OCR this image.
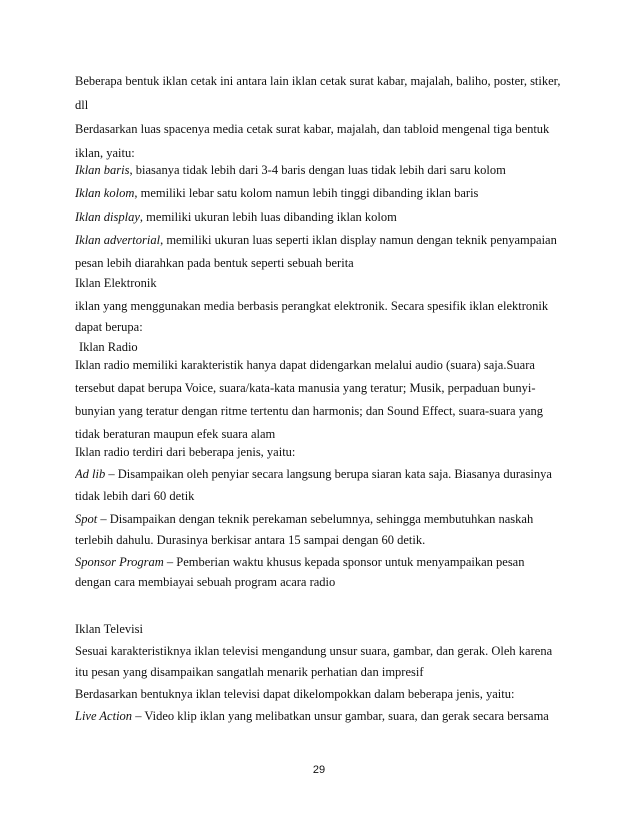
Beberapa bentuk iklan cetak ini antara lain iklan cetak surat kabar, majalah, baliho, poster, stiker,
dll
Berdasarkan luas spacenya media cetak surat kabar, majalah, dan tabloid mengenal tiga bentuk
iklan, yaitu:
Iklan baris, biasanya tidak lebih dari 3-4 baris dengan luas tidak lebih dari saru kolom
Iklan kolom, memiliki lebar satu kolom namun lebih tinggi dibanding iklan baris
Iklan display, memiliki ukuran lebih luas dibanding iklan kolom
Iklan advertorial, memiliki ukuran luas seperti iklan display namun dengan teknik penyampaian
pesan lebih diarahkan pada bentuk seperti sebuah berita
Iklan Elektronik
iklan yang menggunakan media berbasis perangkat elektronik. Secara spesifik iklan elektronik
dapat berupa:
Iklan Radio
Iklan radio memiliki karakteristik hanya dapat didengarkan melalui audio (suara) saja.Suara
tersebut dapat berupa Voice, suara/kata-kata manusia yang teratur; Musik, perpaduan bunyi-
bunyian yang teratur dengan ritme tertentu dan harmonis; dan Sound Effect, suara-suara yang
tidak beraturan maupun efek suara alam
Iklan radio terdiri dari beberapa jenis, yaitu:
Ad lib – Disampaikan oleh penyiar secara langsung berupa siaran kata saja. Biasanya durasinya
tidak lebih dari 60 detik
Spot – Disampaikan dengan teknik perekaman sebelumnya, sehingga membutuhkan naskah
terlebih dahulu. Durasinya berkisar antara 15 sampai dengan 60 detik.
Sponsor Program – Pemberian waktu khusus kepada sponsor untuk menyampaikan pesan
dengan cara membiayai sebuah program acara radio
Iklan Televisi
Sesuai karakteristiknya iklan televisi mengandung unsur suara, gambar, dan gerak. Oleh karena
itu pesan yang disampaikan sangatlah menarik perhatian dan impresif
Berdasarkan bentuknya iklan televisi dapat dikelompokkan dalam beberapa jenis, yaitu:
Live Action – Video klip iklan yang melibatkan unsur gambar, suara, dan gerak secara bersama
29
